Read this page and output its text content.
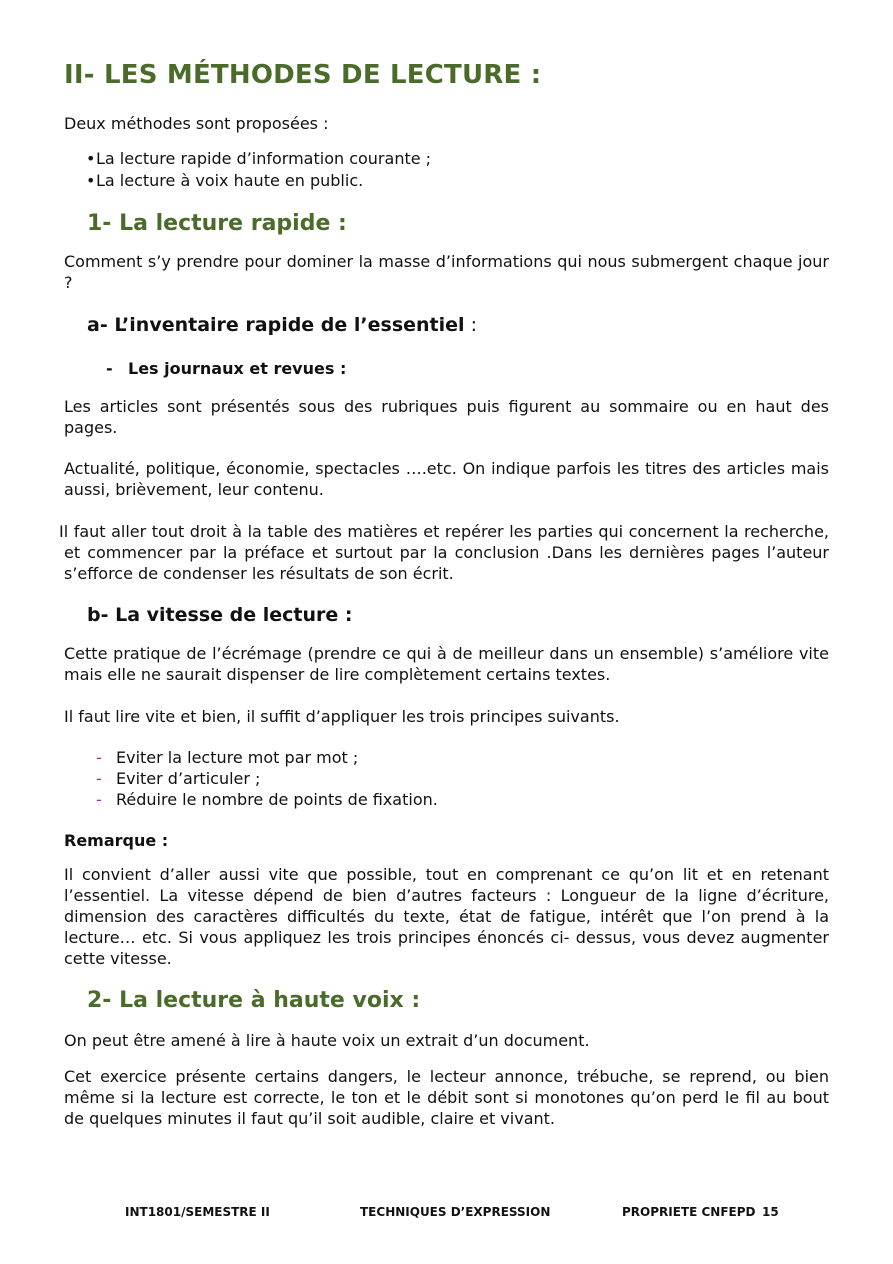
II- LES MÉTHODES DE LECTURE :
Deux méthodes sont proposées :
•La lecture rapide d’information courante ;
•La lecture à voix haute en public.
1- La lecture rapide :
Comment s’y prendre pour dominer la masse d’informations qui nous submergent chaque jour ?
a- L’inventaire rapide de l’essentiel :
- Les journaux et revues :
Les articles sont présentés sous des rubriques puis figurent au sommaire ou en haut des pages.
Actualité, politique, économie, spectacles ….etc. On indique parfois les titres des articles mais aussi, brièvement, leur contenu.
Il faut aller tout droit à la table des matières et repérer les parties qui concernent la recherche, et commencer par la préface et surtout par la conclusion .Dans les dernières pages l’auteur s’efforce de condenser les résultats de son écrit.
b- La vitesse de lecture :
Cette pratique de l’écrémage (prendre ce qui à de meilleur dans un ensemble) s’améliore vite mais elle ne saurait dispenser de lire complètement certains textes.
Il faut lire vite et bien, il suffit d’appliquer les trois principes suivants.
- Eviter la lecture mot par mot ;
- Eviter d’articuler ;
- Réduire le nombre de points de fixation.
Remarque :
Il convient d’aller aussi vite que possible, tout en comprenant ce qu’on lit et en retenant l’essentiel. La vitesse dépend de bien d’autres facteurs : Longueur de la ligne d’écriture, dimension des caractères difficultés du texte, état de fatigue, intérêt que l’on prend à la lecture… etc. Si vous appliquez les trois principes énoncés ci- dessus, vous devez augmenter cette vitesse.
2- La lecture à haute voix :
On peut être amené à lire à haute voix un extrait d’un document.
Cet exercice présente certains dangers, le lecteur annonce, trébuche, se reprend, ou bien même si la lecture est correcte, le ton et le débit sont si monotones qu’on perd le fil au bout de quelques minutes il faut qu’il soit audible, claire et vivant.
INT1801/SEMESTRE II	TECHNIQUES D’EXPRESSION	PROPRIETE CNFEPD 15
